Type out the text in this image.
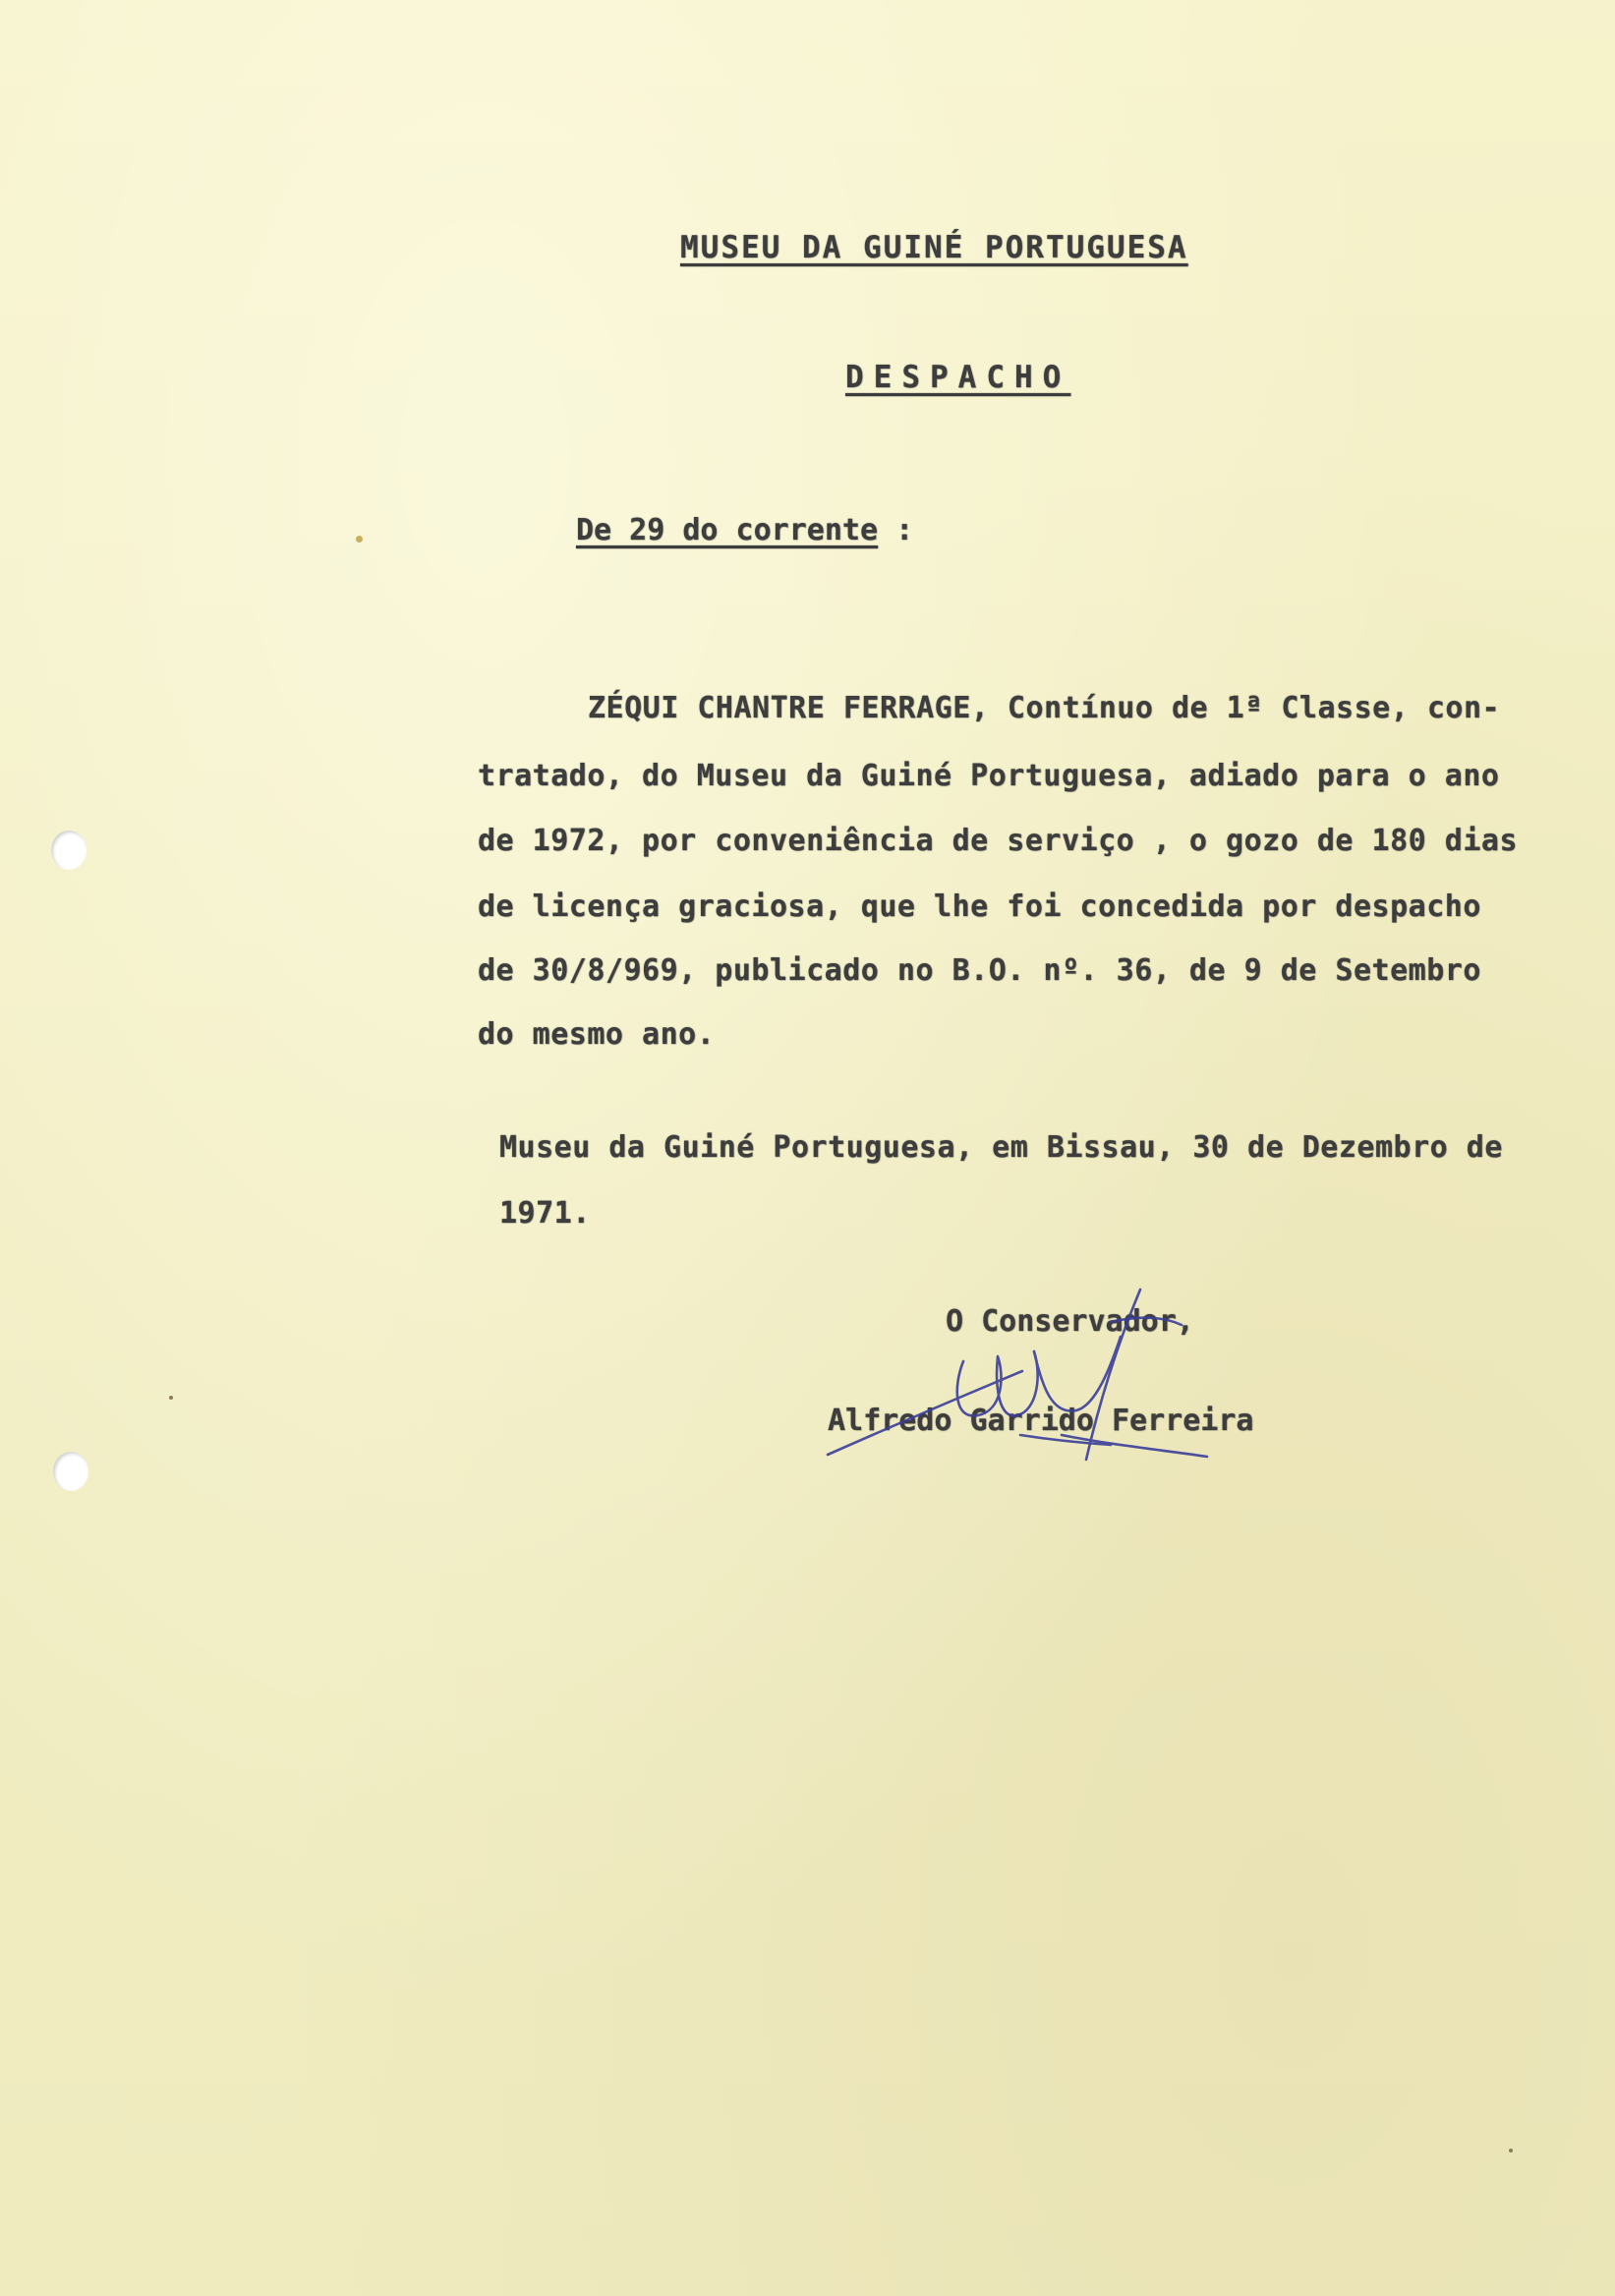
MUSEU DA GUINÉ PORTUGUESA
DESPACHO
De 29 do corrente :
ZÉQUI CHANTRE FERRAGE, Contínuo de 1ª Classe, con-
tratado, do Museu da Guiné Portuguesa, adiado para o ano
de 1972, por conveniência de serviço , o gozo de 180 dias
de licença graciosa, que lhe foi concedida por despacho
de 30/8/969, publicado no B.O. nº. 36, de 9 de Setembro
do mesmo ano.
Museu da Guiné Portuguesa, em Bissau, 30 de Dezembro de
1971.
O Conservador,
Alfredo Garrido Ferreira
